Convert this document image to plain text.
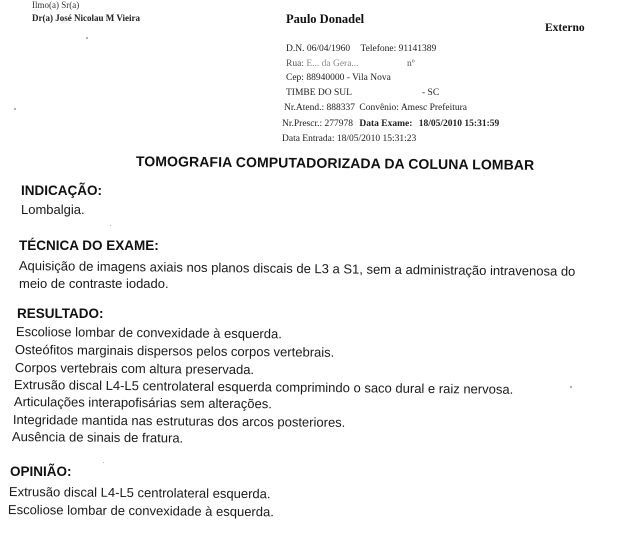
Ilmo(a) Sr(a)
Dr(a) José Nicolau M Vieira	Paulo Donadel
Externo
D.N. 06/04/1960 Telefone: 91141389
Rua: E... da Gera...	nº
Cep: 88940000 - Vila Nova
TIMBE DO SUL	- SC
Nr.Atend.: 888337 Convênio: Amesc Prefeitura
Nr.Prescr.: 277978 Data Exame: 18/05/2010 15:31:59
Data Entrada: 18/05/2010 15:31:23
TOMOGRAFIA COMPUTADORIZADA DA COLUNA LOMBAR
INDICAÇÃO:
Lombalgia.
TÉCNICA DO EXAME:
Aquisição de imagens axiais nos planos discais de L3 a S1, sem a administração intravenosa do
meio de contraste iodado.
RESULTADO:
Escoliose lombar de convexidade à esquerda.
Osteófitos marginais dispersos pelos corpos vertebrais.
Corpos vertebrais com altura preservada.
Extrusão discal L4-L5 centrolateral esquerda comprimindo o saco dural e raiz nervosa.
Articulações interapofisárias sem alterações.
Integridade mantida nas estruturas dos arcos posteriores.
Ausência de sinais de fratura.
OPINIÃO:
Extrusão discal L4-L5 centrolateral esquerda.
Escoliose lombar de convexidade à esquerda.
